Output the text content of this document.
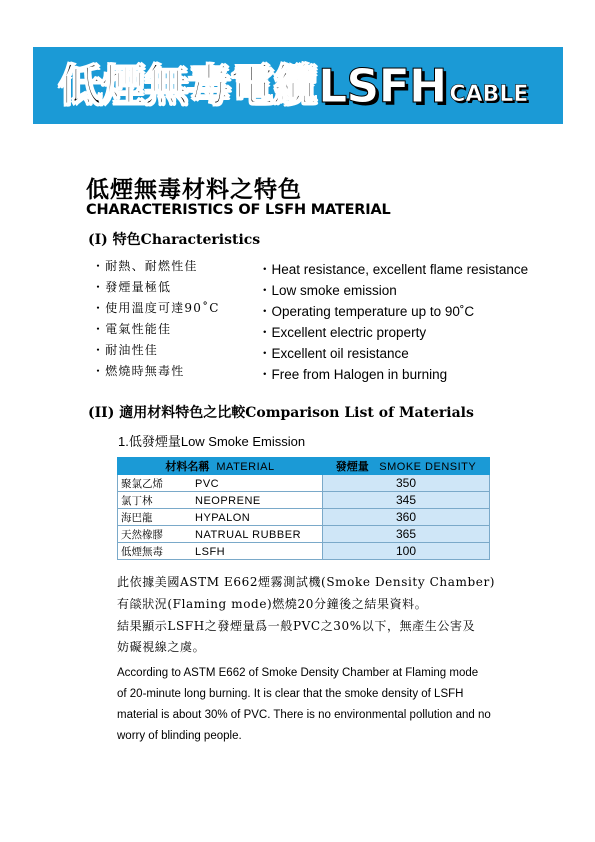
低煙無毒電纜 LSFH CABLE
低煙無毒材料之特色
CHARACTERISTICS OF LSFH MATERIAL
(I) 特色Characteristics
・耐熱、耐燃性佳	・Heat resistance, excellent flame resistance
・發煙量極低	・Low smoke emission
・使用溫度可達90˚C	・Operating temperature up to 90˚C
・電氣性能佳	・Excellent electric property
・耐油性佳	・Excellent oil resistance
・燃燒時無毒性	・Free from Halogen in burning
(II) 適用材料特色之比較Comparison List of Materials
1.低發煙量Low Smoke Emission
材料名稱 MATERIAL	發煙量 SMOKE DENSITY
聚氯乙烯 PVC	350
氯丁林 NEOPRENE	345
海巴龍 HYPALON	360
天然橡膠 NATRUAL RUBBER	365
低煙無毒 LSFH	100
此依據美國ASTM E662煙霧測試機(Smoke Density Chamber)
有燄狀況(Flaming mode)燃燒20分鐘後之結果資料。
結果顯示LSFH之發煙量爲一般PVC之30%以下，無產生公害及
妨礙視線之虞。
According to ASTM E662 of Smoke Density Chamber at Flaming mode
of 20-minute long burning. It is clear that the smoke density of LSFH
material is about 30% of PVC. There is no environmental pollution and no
worry of blinding people.
